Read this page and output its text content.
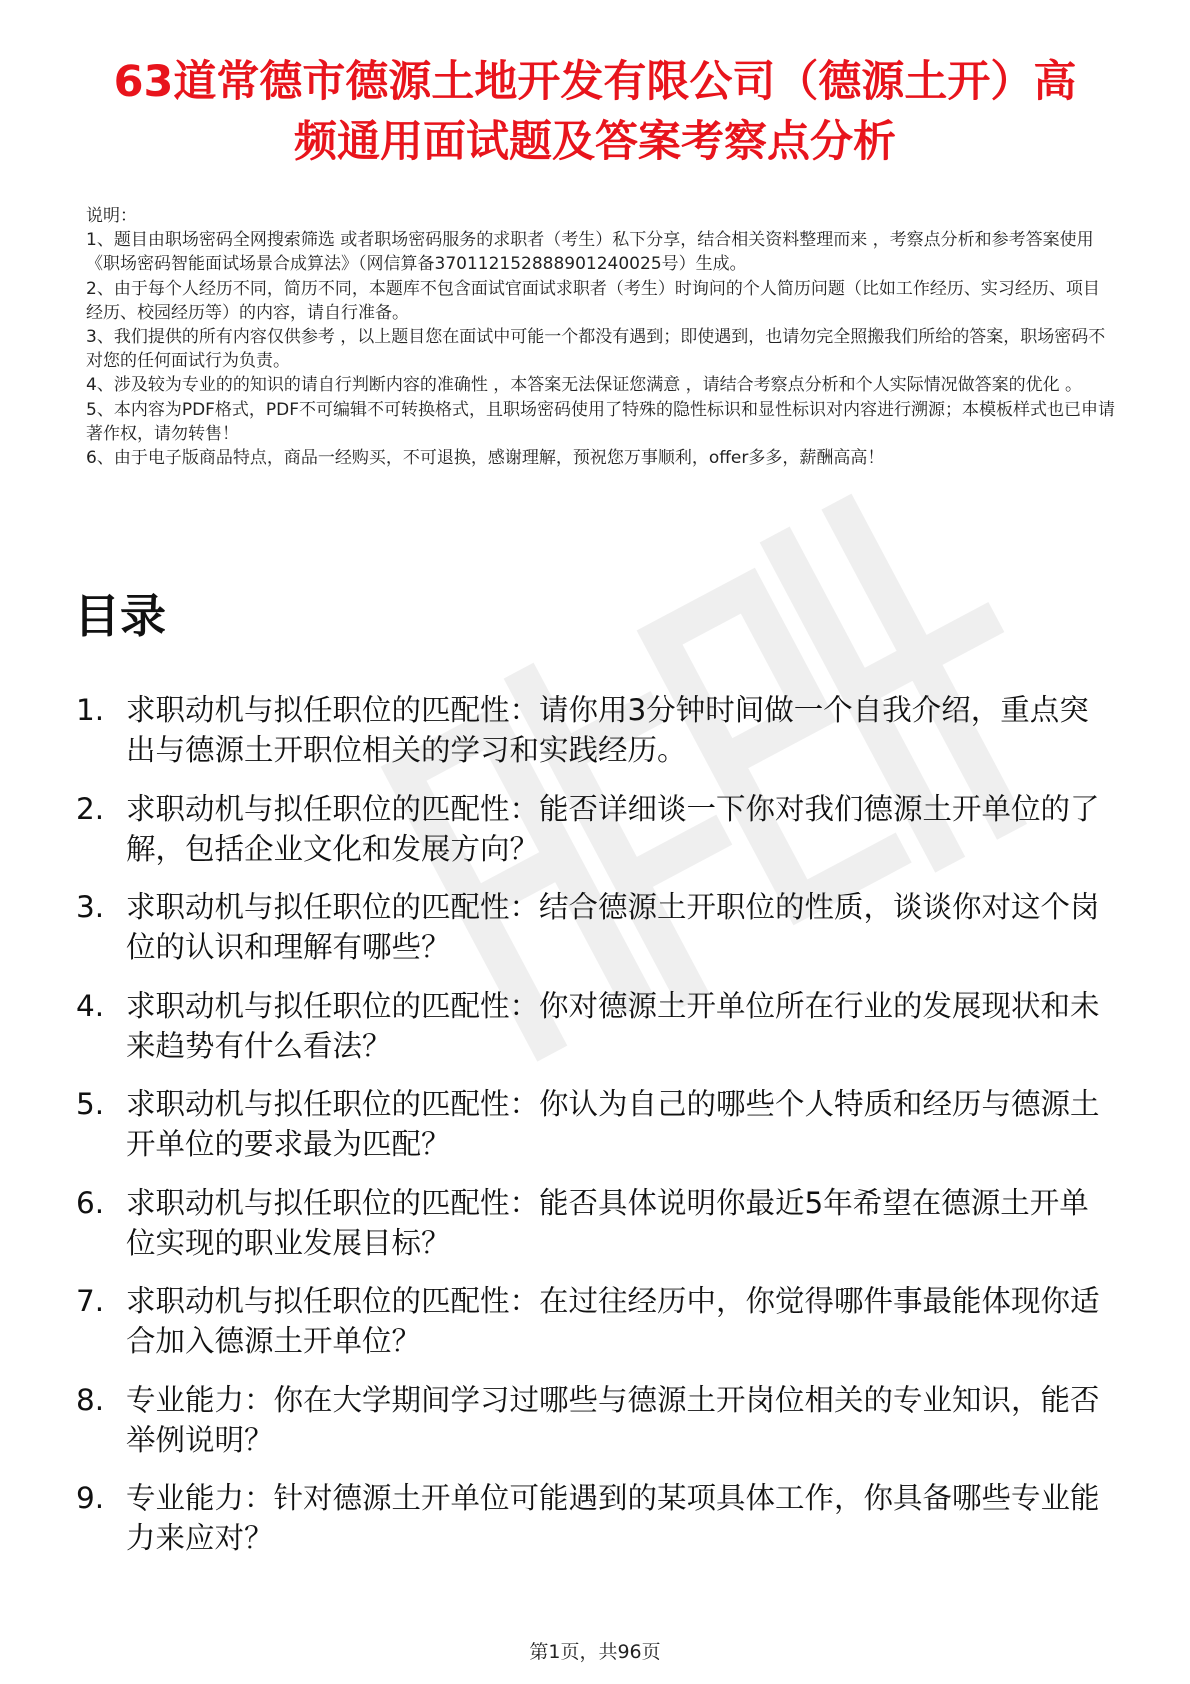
63道常德市德源土地开发有限公司（德源土开）高频通用面试题及答案考察点分析

说明：

1、题目由职场密码全网搜索筛选 或者职场密码服务的求职者（考生）私下分享，结合相关资料整理而来 ，考察点分析和参考答案使用《职场密码智能面试场景合成算法》（网信算备370112152888901240025号）生成。

2、由于每个人经历不同，简历不同，本题库不包含面试官面试求职者（考生）时询问的个人简历问题（比如工作经历、实习经历、项目经历、校园经历等）的内容，请自行准备。

3、我们提供的所有内容仅供参考 ，以上题目您在面试中可能一个都没有遇到；即使遇到，也请勿完全照搬我们所给的答案，职场密码不对您的任何面试行为负责。

4、涉及较为专业的的知识的请自行判断内容的准确性 ，本答案无法保证您满意 ，请结合考察点分析和个人实际情况做答案的优化 。

5、本内容为PDF格式，PDF不可编辑不可转换格式，且职场密码使用了特殊的隐性标识和显性标识对内容进行溯源；本模板样式也已申请著作权，请勿转售！

6、由于电子版商品特点，商品一经购买，不可退换，感谢理解，预祝您万事顺利，offer多多，薪酬高高！

目录
1. 求职动机与拟任职位的匹配性：请你用3分钟时间做一个自我介绍，重点突出与德源土开职位相关的学习和实践经历。
2. 求职动机与拟任职位的匹配性：能否详细谈一下你对我们德源土开单位的了解，包括企业文化和发展方向？
3. 求职动机与拟任职位的匹配性：结合德源土开职位的性质，谈谈你对这个岗位的认识和理解有哪些？
4. 求职动机与拟任职位的匹配性：你对德源土开单位所在行业的发展现状和未来趋势有什么看法？
5. 求职动机与拟任职位的匹配性：你认为自己的哪些个人特质和经历与德源土开单位的要求最为匹配？
6. 求职动机与拟任职位的匹配性：能否具体说明你最近5年希望在德源土开单位实现的职业发展目标？
7. 求职动机与拟任职位的匹配性：在过往经历中，你觉得哪件事最能体现你适合加入德源土开单位？
8. 专业能力：你在大学期间学习过哪些与德源土开岗位相关的专业知识，能否举例说明？
9. 专业能力：针对德源土开单位可能遇到的某项具体工作，你具备哪些专业能力来应对？
第1页，共96页
